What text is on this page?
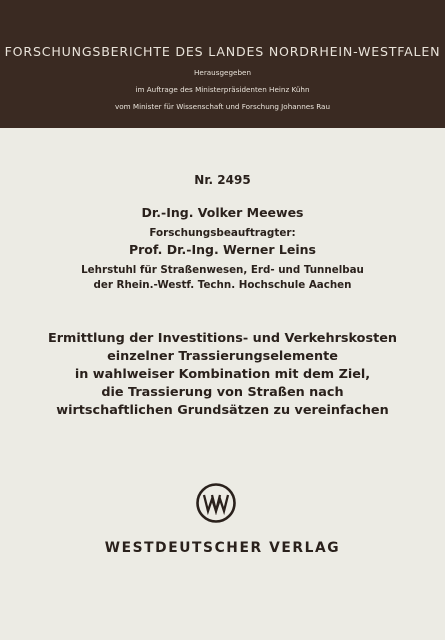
FORSCHUNGSBERICHTE DES LANDES NORDRHEIN-WESTFALEN
Herausgegeben
im Auftrage des Ministerpräsidenten Heinz Kühn
vom Minister für Wissenschaft und Forschung Johannes Rau
Nr. 2495
Dr.-Ing. Volker Meewes
Forschungsbeauftragter:
Prof. Dr.-Ing. Werner Leins
Lehrstuhl für Straßenwesen, Erd- und Tunnelbau
der Rhein.-Westf. Techn. Hochschule Aachen
Ermittlung der Investitions- und Verkehrskosten
einzelner Trassierungselemente
in wahlweiser Kombination mit dem Ziel,
die Trassierung von Straßen nach
wirtschaftlichen Grundsätzen zu vereinfachen
WESTDEUTSCHER VERLAG
